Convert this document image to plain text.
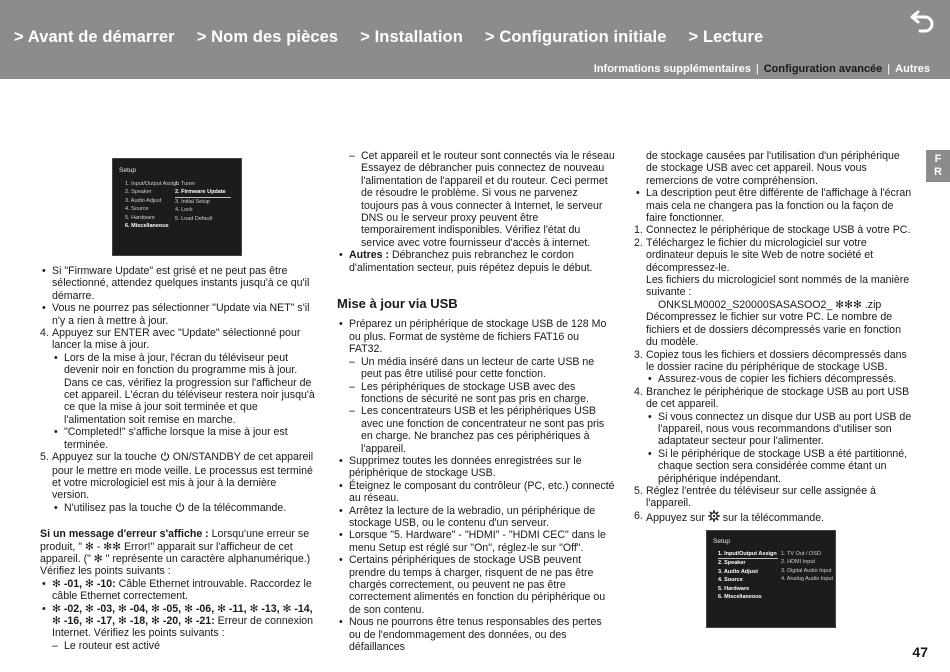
> Avant de démarrer > Nom des pièces > Installation > Configuration initiale > Lecture
Informations supplémentaires | Configuration avancée | Autres
F
R
Setup
1. Input/Output Assign
2. Speaker
3. Audio Adjust
4. Source
5. Hardware
6. Miscellaneous
1. Tuner
2. Firmware Update
3. Initial Setup
4. Lock
5. Load Default
• Si "Firmware Update" est grisé et ne peut pas être sélectionné, attendez quelques instants jusqu'à ce qu'il démarre.
• Vous ne pourrez pas sélectionner "Update via NET" s'il n'y a rien à mettre à jour.
4. Appuyez sur ENTER avec "Update" sélectionné pour lancer la mise à jour.
• Lors de la mise à jour, l'écran du téléviseur peut devenir noir en fonction du programme mis à jour. Dans ce cas, vérifiez la progression sur l'afficheur de cet appareil. L'écran du téléviseur restera noir jusqu'à ce que la mise à jour soit terminée et que l'alimentation soit remise en marche.
• "Completed!" s'affiche lorsque la mise à jour est terminée.
5. Appuyez sur la touche  ON/STANDBY de cet appareil pour le mettre en mode veille. Le processus est terminé et votre micrologiciel est mis à jour à la dernière version.
• N'utilisez pas la touche  de la télécommande.
Si un message d'erreur s'affiche : Lorsqu'une erreur se produit, " ✻ - ✻✻ Error!" apparait sur l'afficheur de cet appareil. (" ✻ " représente un caractère alphanumérique.) Vérifiez les points suivants :
• ✻ -01, ✻ -10: Câble Ethernet introuvable. Raccordez le câble Ethernet correctement.
• ✻ -02, ✻ -03, ✻ -04, ✻ -05, ✻ -06, ✻ -11, ✻ -13, ✻ -14, ✻ -16, ✻ -17, ✻ -18, ✻ -20, ✻ -21: Erreur de connexion Internet. Vérifiez les points suivants :
– Le routeur est activé
– Cet appareil et le routeur sont connectés via le réseau Essayez de débrancher puis connectez de nouveau l'alimentation de l'appareil et du routeur. Ceci permet de résoudre le problème. Si vous ne parvenez toujours pas à vous connecter à Internet, le serveur DNS ou le serveur proxy peuvent être temporairement indisponibles. Vérifiez l'état du service avec votre fournisseur d'accès à internet.
• Autres : Débranchez puis rebranchez le cordon d'alimentation secteur, puis répétez depuis le début.
Mise à jour via USB
• Préparez un périphérique de stockage USB de 128 Mo ou plus. Format de système de fichiers FAT16 ou FAT32.
– Un média inséré dans un lecteur de carte USB ne peut pas être utilisé pour cette fonction.
– Les périphériques de stockage USB avec des fonctions de sécurité ne sont pas pris en charge.
– Les concentrateurs USB et les périphériques USB avec une fonction de concentrateur ne sont pas pris en charge. Ne branchez pas ces périphériques à l'appareil.
• Supprimez toutes les données enregistrées sur le périphérique de stockage USB.
• Éteignez le composant du contrôleur (PC, etc.) connecté au réseau.
• Arrêtez la lecture de la webradio, un périphérique de stockage USB, ou le contenu d'un serveur.
• Lorsque "5. Hardware" - "HDMI" - "HDMI CEC" dans le menu Setup est réglé sur "On", réglez-le sur "Off".
• Certains périphériques de stockage USB peuvent prendre du temps à charger, risquent de ne pas être chargés correctement, ou peuvent ne pas être correctement alimentés en fonction du périphérique ou de son contenu.
• Nous ne pourrons être tenus responsables des pertes ou de l'endommagement des données, ou des défaillances
de stockage causées par l'utilisation d'un périphérique de stockage USB avec cet appareil. Nous vous remercions de votre compréhension.
• La description peut être différente de l'affichage à l'écran mais cela ne changera pas la fonction ou la façon de faire fonctionner.
1. Connectez le périphérique de stockage USB à votre PC.
2. Téléchargez le fichier du micrologiciel sur votre ordinateur depuis le site Web de notre société et décompressez-le.
Les fichiers du micrologiciel sont nommés de la manière suivante :
ONKSLM0002_S20000SASASOO2_ ✻✻✻ .zip
Décompressez le fichier sur votre PC. Le nombre de fichiers et de dossiers décompressés varie en fonction du modèle.
3. Copiez tous les fichiers et dossiers décompressés dans le dossier racine du périphérique de stockage USB.
• Assurez-vous de copier les fichiers décompressés.
4. Branchez le périphérique de stockage USB au port USB de cet appareil.
• Si vous connectez un disque dur USB au port USB de l'appareil, nous vous recommandons d'utiliser son adaptateur secteur pour l'alimenter.
• Si le périphérique de stockage USB a été partitionné, chaque section sera considérée comme étant un périphérique indépendant.
5. Réglez l'entrée du téléviseur sur celle assignée à l'appareil.
6. Appuyez sur  sur la télécommande.
Setup
1. Input/Output Assign
2. Speaker
3. Audio Adjust
4. Source
5. Hardware
6. Miscellaneous
1. TV Out / OSD
2. HDMI Input
3. Digital Audio Input
4. Analog Audio Input
47
